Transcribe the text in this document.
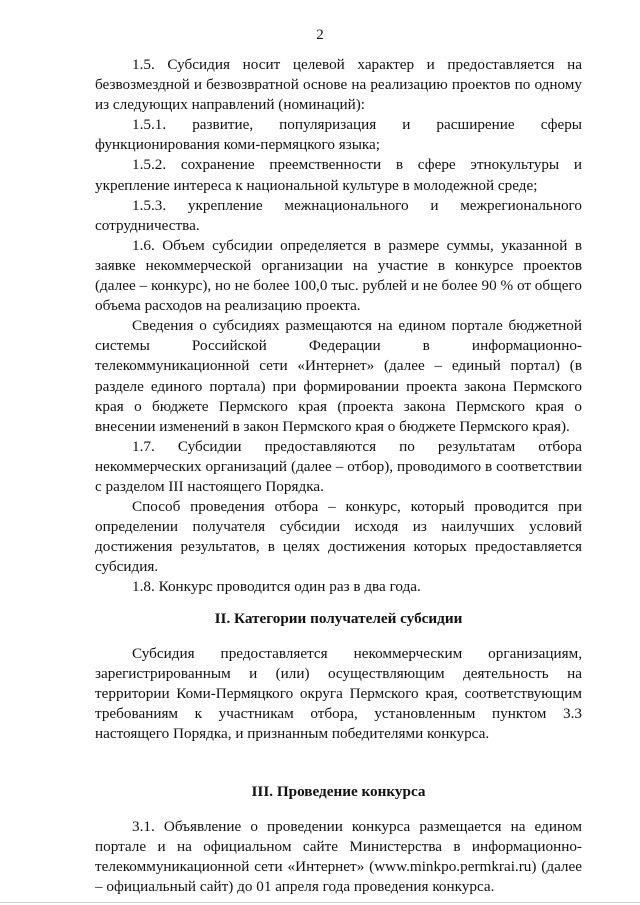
2

1.5. Субсидия носит целевой характер и предоставляется на безвозмездной и безвозвратной основе на реализацию проектов по одному из следующих направлений (номинаций):

1.5.1. развитие, популяризация и расширение сферы функционирования коми-пермяцкого языка;

1.5.2. сохранение преемственности в сфере этнокультуры и укрепление интереса к национальной культуре в молодежной среде;

1.5.3. укрепление межнационального и межрегионального сотрудничества.

1.6. Объем субсидии определяется в размере суммы, указанной в заявке некоммерческой организации на участие в конкурсе проектов (далее – конкурс), но не более 100,0 тыс. рублей и не более 90 % от общего объема расходов на реализацию проекта.

Сведения о субсидиях размещаются на едином портале бюджетной системы Российской Федерации в информационно-телекоммуникационной сети «Интернет» (далее – единый портал) (в разделе единого портала) при формировании проекта закона Пермского края о бюджете Пермского края (проекта закона Пермского края о внесении изменений в закон Пермского края о бюджете Пермского края).

1.7. Субсидии предоставляются по результатам отбора некоммерческих организаций (далее – отбор), проводимого в соответствии с разделом III настоящего Порядка.

Способ проведения отбора – конкурс, который проводится при определении получателя субсидии исходя из наилучших условий достижения результатов, в целях достижения которых предоставляется субсидия.

1.8. Конкурс проводится один раз в два года.

II. Категории получателей субсидии

Субсидия предоставляется некоммерческим организациям, зарегистрированным и (или) осуществляющим деятельность на территории Коми-Пермяцкого округа Пермского края, соответствующим требованиям к участникам отбора, установленным пунктом 3.3 настоящего Порядка, и признанным победителями конкурса.

III. Проведение конкурса

3.1. Объявление о проведении конкурса размещается на едином портале и на официальном сайте Министерства в информационно-телекоммуникационной сети «Интернет» (www.minkpo.permkrai.ru) (далее – официальный сайт) до 01 апреля года проведения конкурса.
